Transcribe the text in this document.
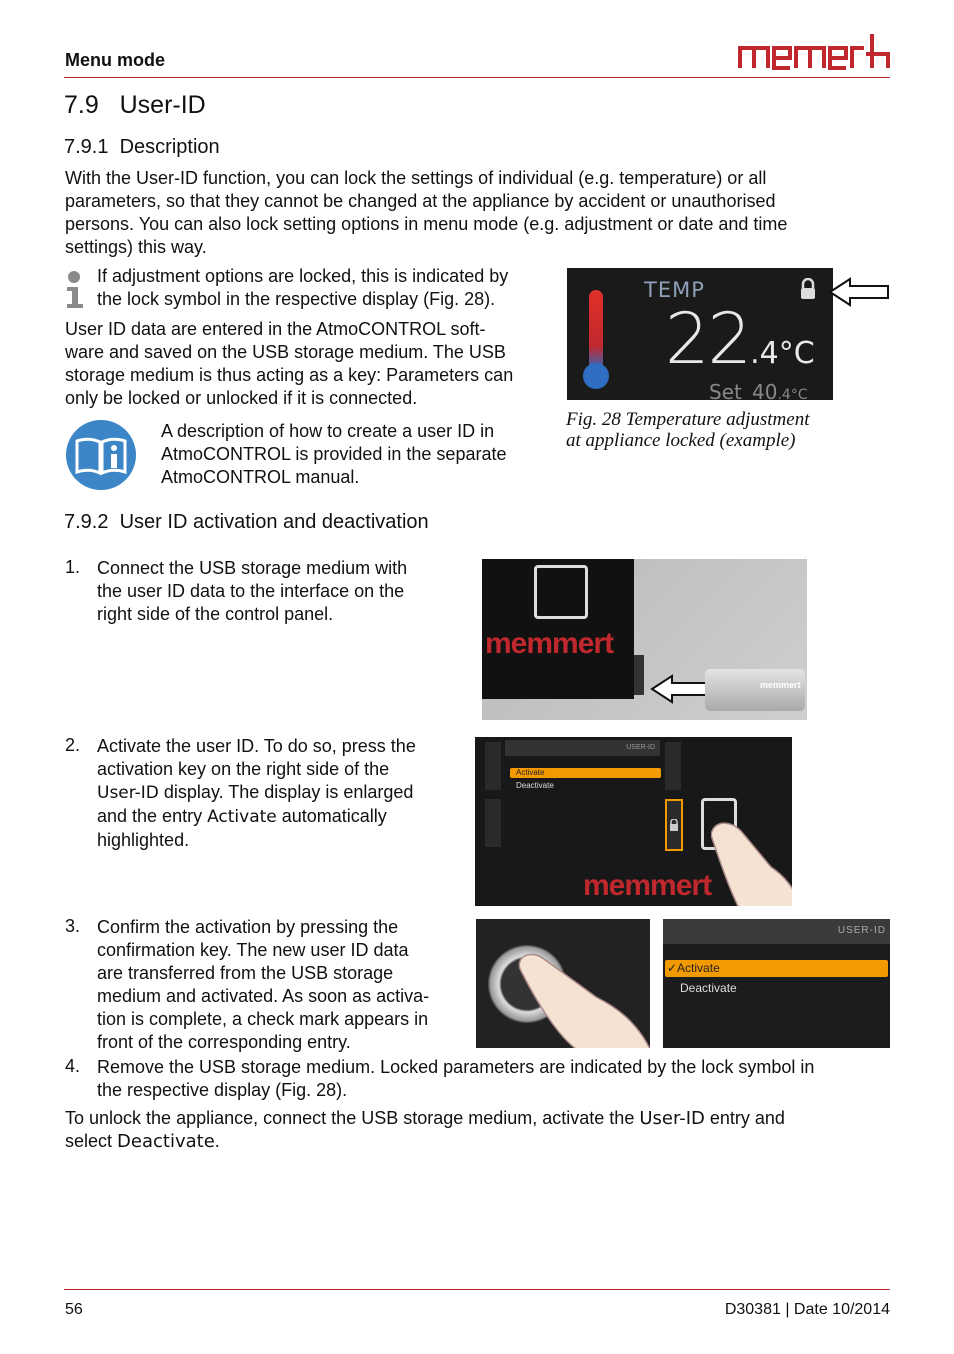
Menu mode
7.9 User-ID
7.9.1 Description
With the User-ID function, you can lock the settings of individual (e.g. temperature) or all
parameters, so that they cannot be changed at the appliance by accident or unauthorised
persons. You can also lock setting options in menu mode (e.g. adjustment or date and time
settings) this way.
If adjustment options are locked, this is indicated by
the lock symbol in the respective display (Fig. 28).
User ID data are entered in the AtmoCONTROL soft-
ware and saved on the USB storage medium. The USB
storage medium is thus acting as a key: Parameters can
only be locked or unlocked if it is connected.
A description of how to create a user ID in
AtmoCONTROL is provided in the separate
AtmoCONTROL manual.
TEMP
22.4°C
Set 40.4°C
Fig. 28 Temperature adjustment
at appliance locked (example)
7.9.2 User ID activation and deactivation
1. Connect the USB storage medium with
the user ID data to the interface on the
right side of the control panel.
memmert
memmert
2. Activate the user ID. To do so, press the
activation key on the right side of the
User-ID display. The display is enlarged
and the entry Activate automatically
highlighted.
USER-ID
Activate
Deactivate
memmert
3. Confirm the activation by pressing the
confirmation key. The new user ID data
are transferred from the USB storage
medium and activated. As soon as activa-
tion is complete, a check mark appears in
front of the corresponding entry.
USER-ID
✓Activate
Deactivate
4. Remove the USB storage medium. Locked parameters are indicated by the lock symbol in
the respective display (Fig. 28).
To unlock the appliance, connect the USB storage medium, activate the User-ID entry and
select Deactivate.
56	D30381 | Date 10/2014
